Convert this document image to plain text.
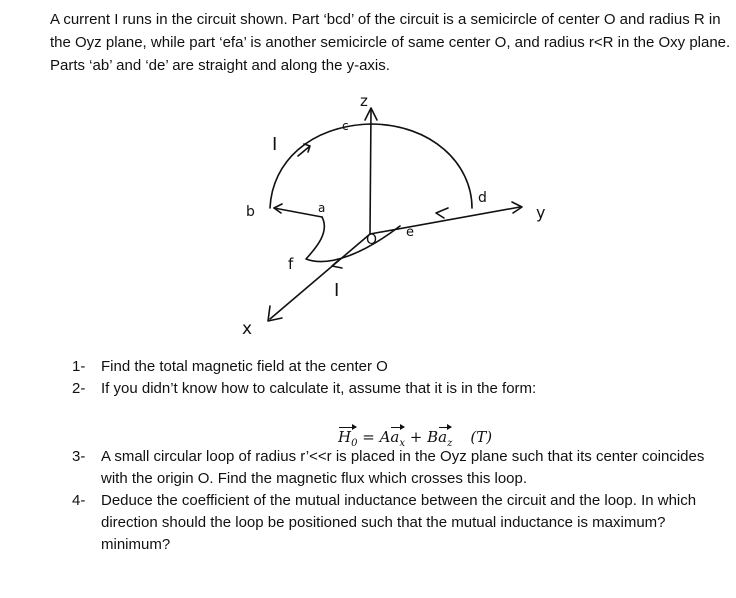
A current I runs in the circuit shown. Part ‘bcd’ of the circuit is a semicircle of center O and radius R in the Oyz plane, while part ‘efa’ is another semicircle of same center O, and radius r<R in the Oxy plane. Parts ‘ab’ and ‘de’ are straight and along the y-axis.

z
c
I
y
d
e
x
b	a
f
I
O
1- Find the total magnetic field at the center O
2- If you didn’t know how to calculate it, assume that it is in the form:
3- A small circular loop of radius r’<<r is placed in the Oyz plane such that its center coincides with the origin O. Find the magnetic flux which crosses this loop.
4- Deduce the coefficient of the mutual inductance between the circuit and the loop. In which direction should the loop be positioned such that the mutual inductance is maximum? minimum?
$H_0 = Aa_x + Ba_z$ (T)
